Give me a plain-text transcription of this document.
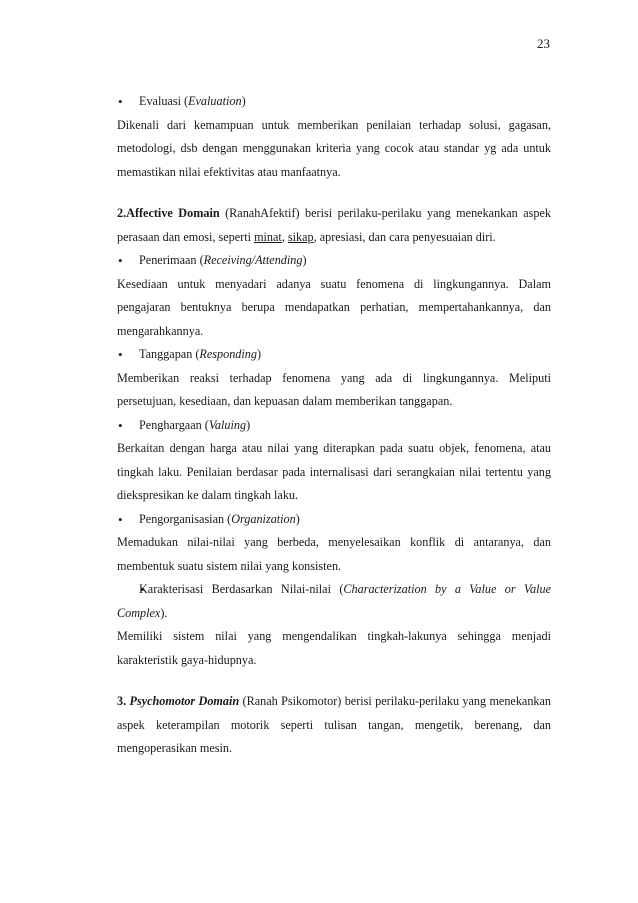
23

• Evaluasi (Evaluation)

Dikenali dari kemampuan untuk memberikan penilaian terhadap solusi, gagasan, metodologi, dsb dengan menggunakan kriteria yang cocok atau standar yg ada untuk memastikan nilai efektivitas atau manfaatnya.

2.Affective Domain (RanahAfektif) berisi perilaku-perilaku yang menekankan aspek perasaan dan emosi, seperti minat, sikap, apresiasi, dan cara penyesuaian diri.

• Penerimaan (Receiving/Attending)

Kesediaan untuk menyadari adanya suatu fenomena di lingkungannya. Dalam pengajaran bentuknya berupa mendapatkan perhatian, mempertahankannya, dan mengarahkannya.

• Tanggapan (Responding)

Memberikan reaksi terhadap fenomena yang ada di lingkungannya. Meliputi persetujuan, kesediaan, dan kepuasan dalam memberikan tanggapan.

• Penghargaan (Valuing)

Berkaitan dengan harga atau nilai yang diterapkan pada suatu objek, fenomena, atau tingkah laku. Penilaian berdasar pada internalisasi dari serangkaian nilai tertentu yang diekspresikan ke dalam tingkah laku.

• Pengorganisasian (Organization)

Memadukan nilai-nilai yang berbeda, menyelesaikan konflik di antaranya, dan membentuk suatu sistem nilai yang konsisten.

• Karakterisasi Berdasarkan Nilai-nilai (Characterization by a Value or Value Complex).

Memiliki sistem nilai yang mengendalikan tingkah-lakunya sehingga menjadi karakteristik gaya-hidupnya.

3. Psychomotor Domain (Ranah Psikomotor) berisi perilaku-perilaku yang menekankan aspek keterampilan motorik seperti tulisan tangan, mengetik, berenang, dan mengoperasikan mesin.
